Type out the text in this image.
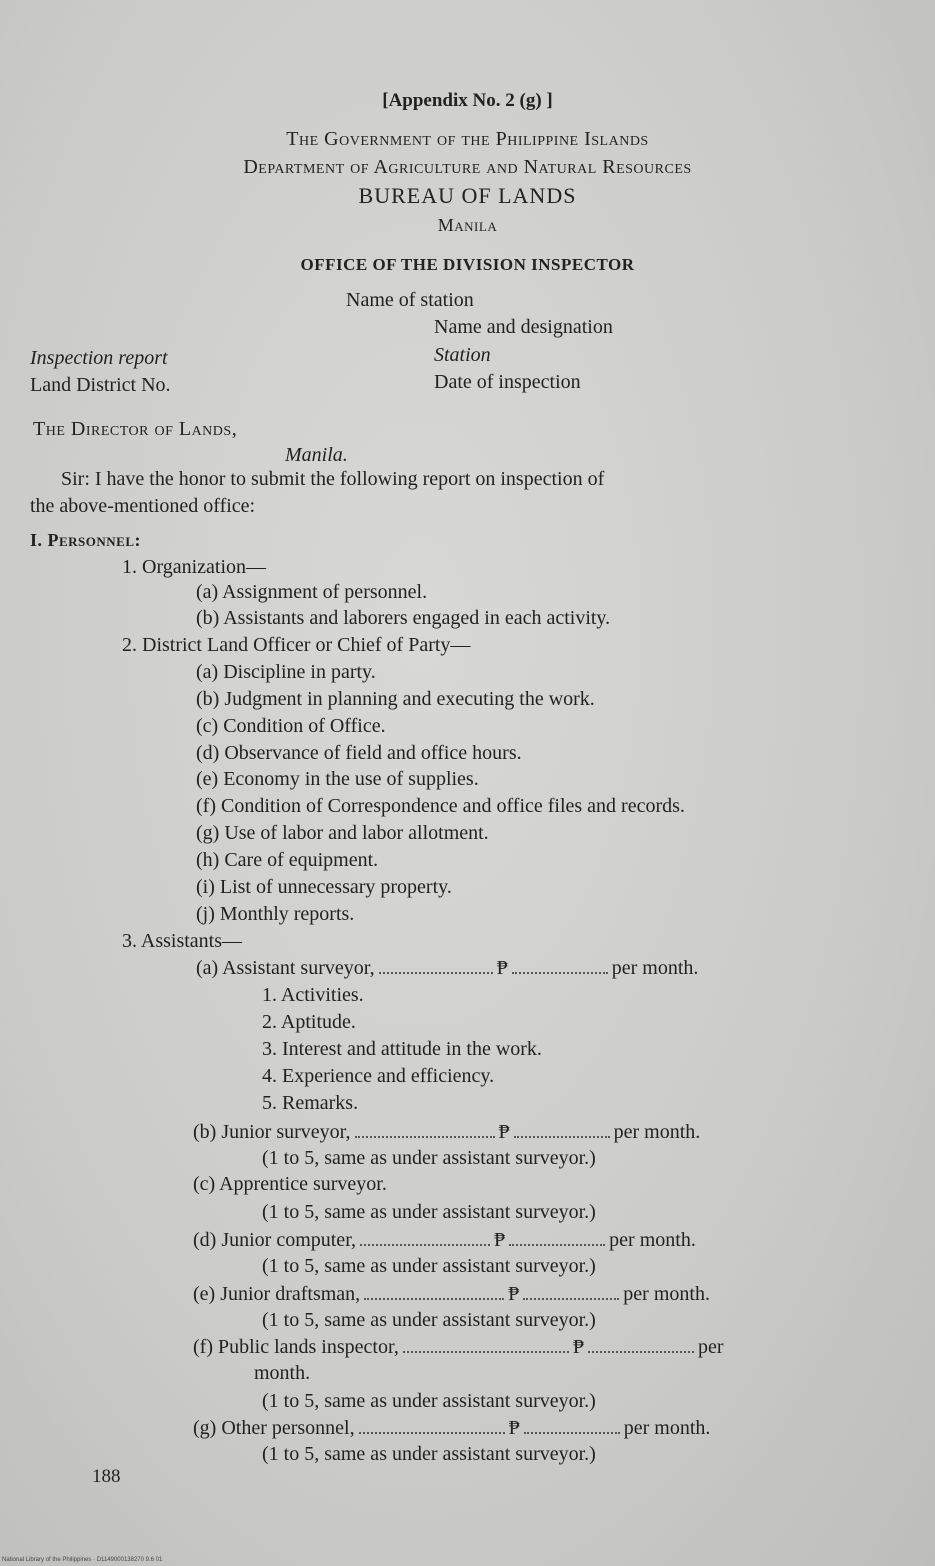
[Appendix No. 2 (g) ]
The Government of the Philippine Islands
Department of Agriculture and Natural Resources
BUREAU OF LANDS
Manila
OFFICE OF THE DIVISION INSPECTOR
Name of station
Name and designation
Station
Inspection report
Date of inspection
Land District No.
The Director of Lands,
Manila.
Sir: I have the honor to submit the following report on inspection of
the above-mentioned office:
I. Personnel:
1. Organization—
(a) Assignment of personnel.
(b) Assistants and laborers engaged in each activity.
2. District Land Officer or Chief of Party—
(a) Discipline in party.
(b) Judgment in planning and executing the work.
(c) Condition of Office.
(d) Observance of field and office hours.
(e) Economy in the use of supplies.
(f) Condition of Correspondence and office files and records.
(g) Use of labor and labor allotment.
(h) Care of equipment.
(i) List of unnecessary property.
(j) Monthly reports.
3. Assistants—
(a) Assistant surveyor,	₱	per month.
1. Activities.
2. Aptitude.
3. Interest and attitude in the work.
4. Experience and efficiency.
5. Remarks.
(b) Junior surveyor,	₱	per month.
(1 to 5, same as under assistant surveyor.)
(c) Apprentice surveyor.
(1 to 5, same as under assistant surveyor.)
(d) Junior computer,	₱	per month.
(1 to 5, same as under assistant surveyor.)
(e) Junior draftsman,	₱	per month.
(1 to 5, same as under assistant surveyor.)
(f) Public lands inspector,	₱	per
month.
(1 to 5, same as under assistant surveyor.)
(g) Other personnel,	₱	per month.
(1 to 5, same as under assistant surveyor.)
188
National Library of the Philippines · D1149000138270 9.6 01
